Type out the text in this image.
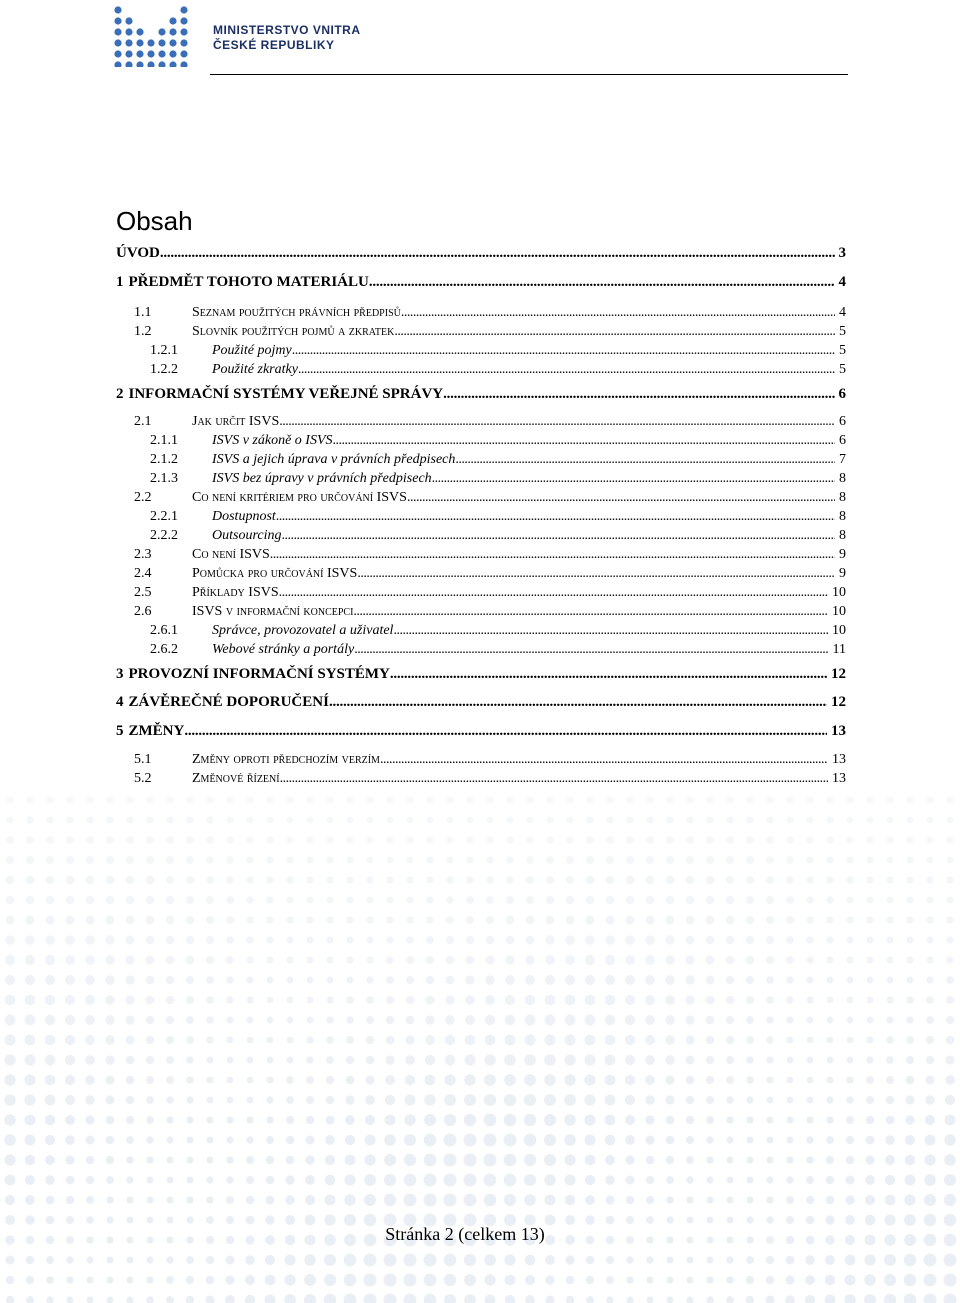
MINISTERSTVO VNITRA
ČESKÉ REPUBLIKY
Obsah
ÚVOD . . .	3
1 PŘEDMĚT TOHOTO MATERIÁLU . . .	4
1.1	Seznam použitých právních předpisů . . .	4
1.2	Slovník použitých pojmů a zkratek . . .	5
1.2.1	Použité pojmy . . .	5
1.2.2	Použité zkratky . . .	5
2 INFORMAČNÍ SYSTÉMY VEŘEJNÉ SPRÁVY . . .	6
2.1	Jak určit ISVS . . .	6
2.1.1	ISVS v zákoně o ISVS . . .	6
2.1.2	ISVS a jejich úprava v právních předpisech . . .	7
2.1.3	ISVS bez úpravy v právních předpisech . . .	8
2.2	Co není kritériem pro určování ISVS . . .	8
2.2.1	Dostupnost . . .	8
2.2.2	Outsourcing . . .	8
2.3	Co není ISVS . . .	9
2.4	Pomůcka pro určování ISVS . . .	9
2.5	Příklady ISVS . . .	10
2.6	ISVS v informační koncepci . . .	10
2.6.1	Správce, provozovatel a uživatel . . .	10
2.6.2	Webové stránky a portály . . .	11
3 PROVOZNÍ INFORMAČNÍ SYSTÉMY . . .	12
4 ZÁVĚREČNÉ DOPORUČENÍ . . .	12
5 ZMĚNY . . .	13
5.1	Změny oproti předchozím verzím . . .	13
5.2	Změnové řízení . . .	13
Stránka 2 (celkem 13)
